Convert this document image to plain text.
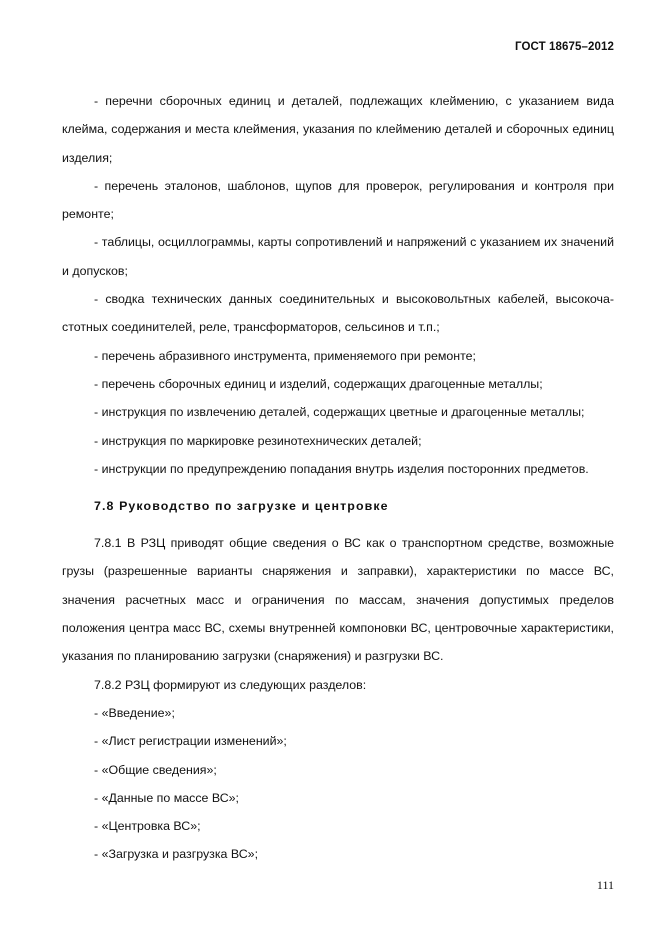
ГОСТ 18675–2012

- перечни сборочных единиц и деталей, подлежащих клеймению, с указанием вида клейма, содержания и места клеймения, указания по клеймению деталей и сборочных единиц изделия;

- перечень эталонов, шаблонов, щупов для проверок, регулирования и контроля при ремонте;

- таблицы, осциллограммы, карты сопротивлений и напряжений с указанием их значений и допусков;

- сводка технических данных соединительных и высоковольтных кабелей, высокочастотных соединителей, реле, трансформаторов, сельсинов и т.п.;

- перечень абразивного инструмента, применяемого при ремонте;

- перечень сборочных единиц и изделий, содержащих драгоценные металлы;

- инструкция по извлечению деталей, содержащих цветные и драгоценные металлы;

- инструкция по маркировке резинотехнических деталей;

- инструкции по предупреждению попадания внутрь изделия посторонних предметов.

7.8 Руководство по загрузке и центровке

7.8.1 В РЗЦ приводят общие сведения о ВС как о транспортном средстве, возможные грузы (разрешенные варианты снаряжения и заправки), характеристики по массе ВС, значения расчетных масс и ограничения по массам, значения допустимых пределов положения центра масс ВС, схемы внутренней компоновки ВС, центровочные характеристики, указания по планированию загрузки (снаряжения) и разгрузки ВС.

7.8.2 РЗЦ формируют из следующих разделов:

- «Введение»;

- «Лист регистрации изменений»;

- «Общие сведения»;

- «Данные по массе ВС»;

- «Центровка ВС»;

- «Загрузка и разгрузка ВС»;

111
